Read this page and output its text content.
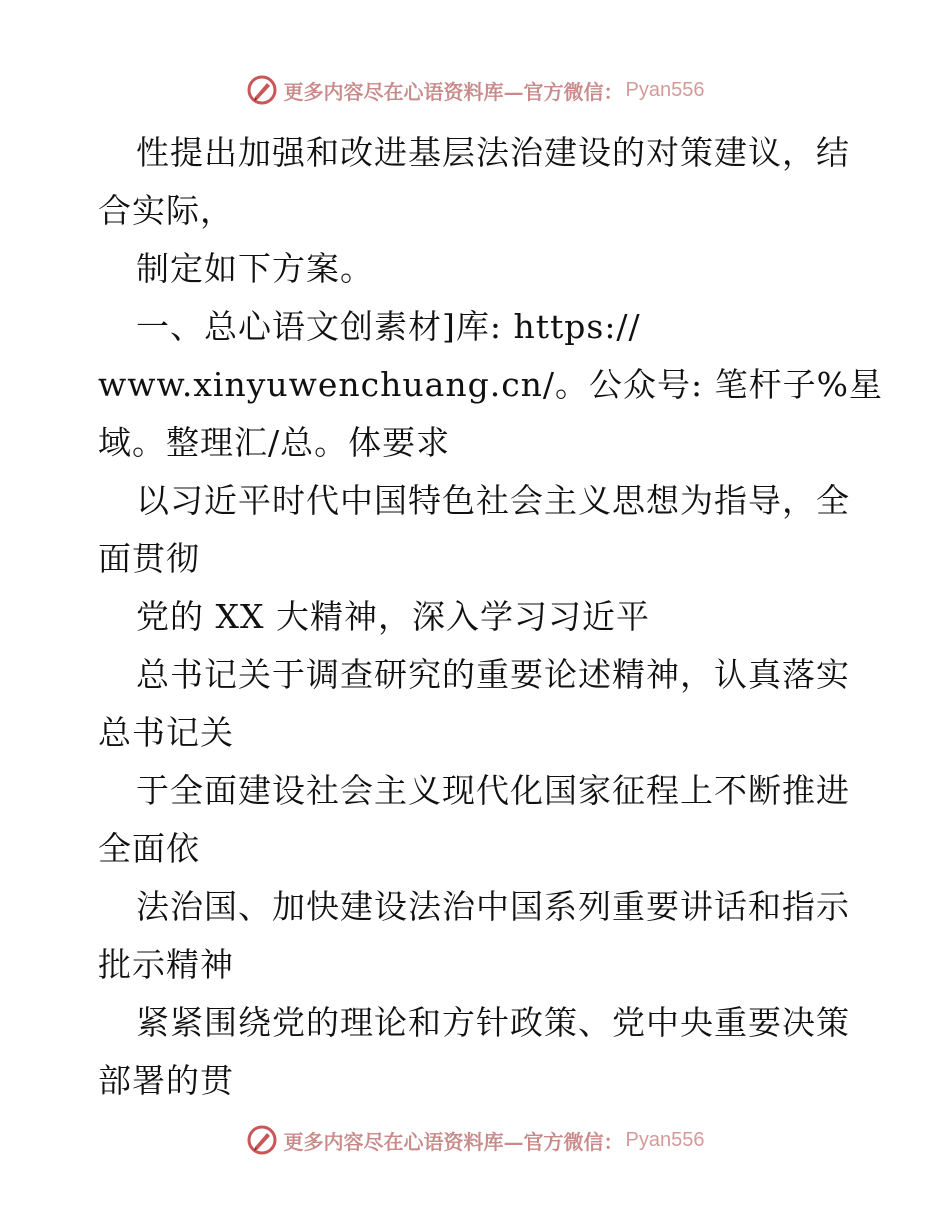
更多内容尽在心语资料库—官方微信： Pyan556
性提出加强和改进基层法治建设的对策建议，结
合实际，
制定如下方案。
一、总心语文创素材]库: https://
www.xinyuwenchuang.cn/。公众号: 笔杆子%星
域。整理汇/总。体要求
以习近平时代中国特色社会主义思想为指导，全
面贯彻
党的 XX 大精神，深入学习习近平
总书记关于调查研究的重要论述精神，认真落实
总书记关
于全面建设社会主义现代化国家征程上不断推进
全面依
法治国、加快建设法治中国系列重要讲话和指示
批示精神
紧紧围绕党的理论和方针政策、党中央重要决策
部署的贯
更多内容尽在心语资料库—官方微信： Pyan556
